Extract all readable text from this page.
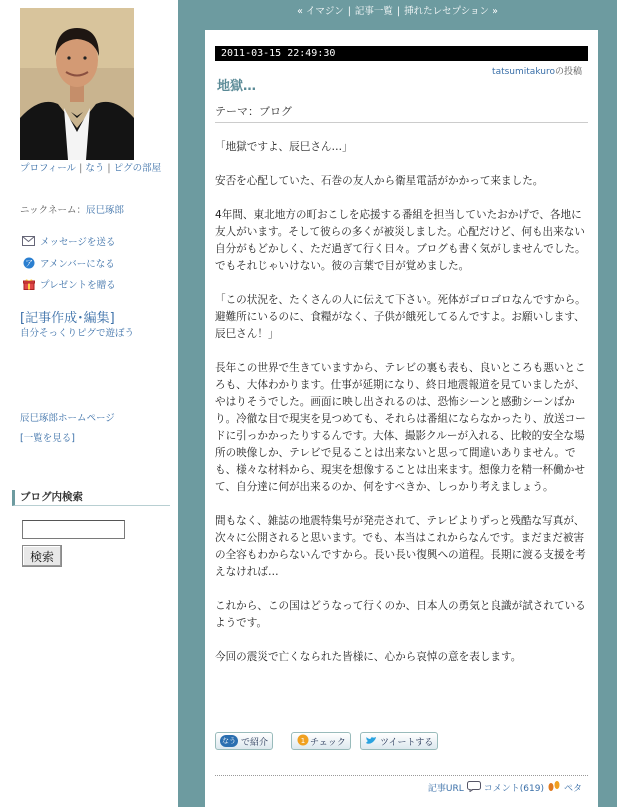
プロフィール | なう | ピグの部屋
ニックネーム：辰巳琢郎
メッセージを送る
ア アメンバーになる
プレゼントを贈る
[記事作成･編集]
自分そっくりピグで遊ぼう
辰巳琢郎ホームページ
[一覧を見る]
ブログ内検索
検索
« イマジン | 記事一覧 | 挿れたレセプション »
2011-03-15 22:49:30
tatsumitakuroの投稿
地獄…
テーマ：ブログ

「地獄ですよ、辰巳さん…」

安否を心配していた、石巻の友人から衛星電話がかかって来ました。

4年間、東北地方の町おこしを応援する番組を担当していたおかげで、各地に友人がいます。そして彼らの多くが被災しました。心配だけど、何も出来ない自分がもどかしく、ただ過ぎて行く日々。ブログも書く気がしませんでした。でもそれじゃいけない。彼の言葉で目が覚めました。

「この状況を、たくさんの人に伝えて下さい。死体がゴロゴロなんですから。避難所にいるのに、食糧がなく、子供が餓死してるんですよ。お願いします、辰巳さん！」

長年この世界で生きていますから、テレビの裏も表も、良いところも悪いところも、大体わかります。仕事が延期になり、終日地震報道を見ていましたが、やはりそうでした。画面に映し出されるのは、恐怖シーンと感動シーンばかり。冷徹な目で現実を見つめても、それらは番組にならなかったり、放送コードに引っかかったりするんです。大体、撮影クルーが入れる、比較的安全な場所の映像しか、テレビで見ることは出来ないと思って間違いありません。でも、様々な材料から、現実を想像することは出来ます。想像力を精一杯働かせて、自分達に何が出来るのか、何をすべきか、しっかり考えましょう。

間もなく、雑誌の地震特集号が発売されて、テレビよりずっと残酷な写真が、次々に公開されると思います。でも、本当はこれからなんです。まだまだ被害の全容もわからないんですから。長い長い復興への道程。長期に渡る支援を考えなければ…

これから、この国はどうなって行くのか、日本人の勇気と良識が試されているようです。

今回の震災で亡くなられた皆様に、心から哀悼の意を表します。

なう で紹介	1 チェック	ツイートする
記事URL コメント(619) ペタ
